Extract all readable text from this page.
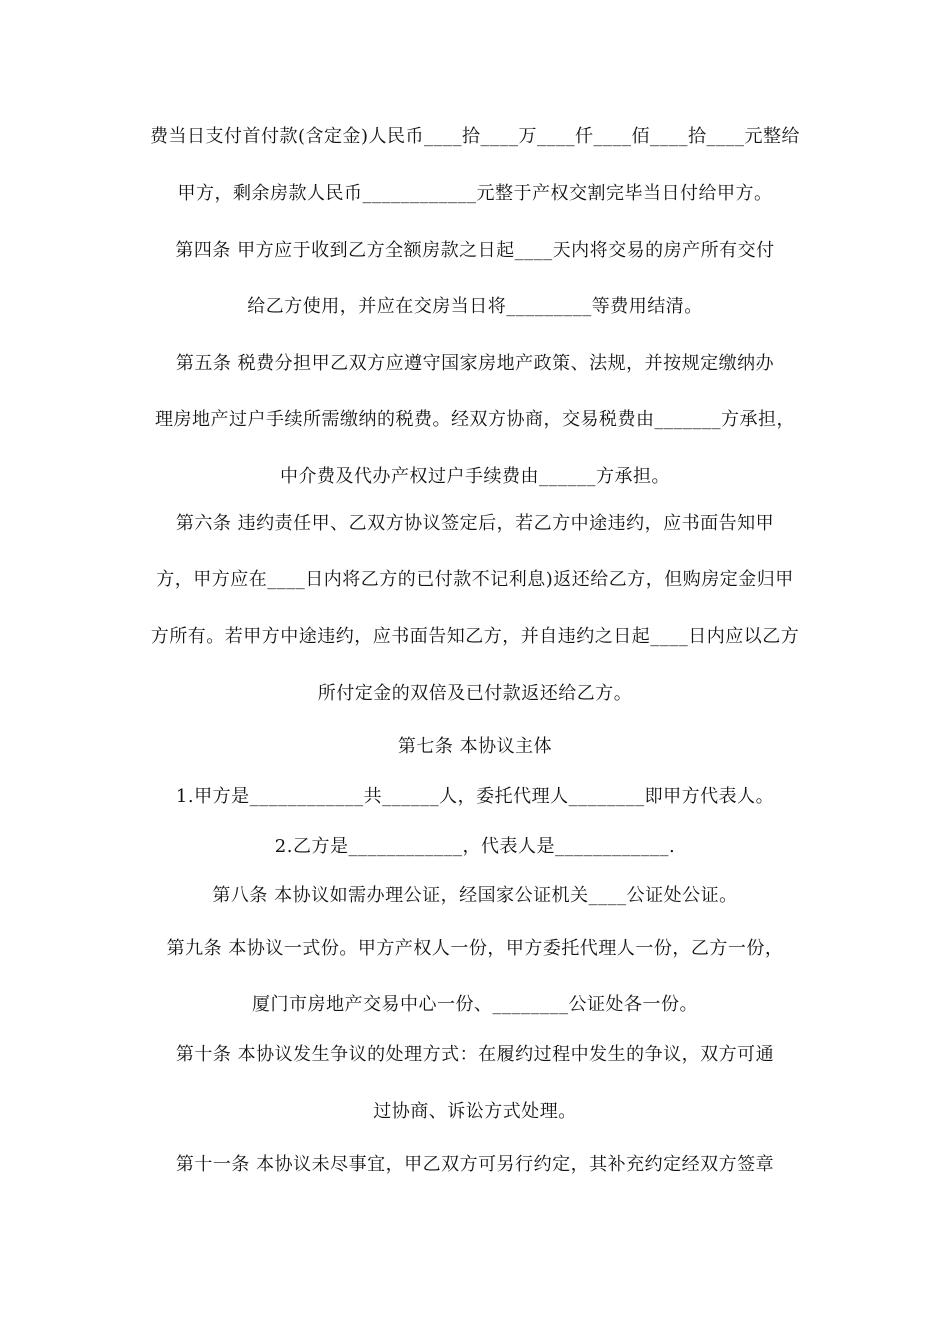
费当日支付首付款(含定金)人民币____拾____万____仟____佰____拾____元整给
甲方，剩余房款人民币____________元整于产权交割完毕当日付给甲方。
第四条 甲方应于收到乙方全额房款之日起____天内将交易的房产所有交付
给乙方使用，并应在交房当日将_________等费用结清。
第五条 税费分担甲乙双方应遵守国家房地产政策、法规，并按规定缴纳办
理房地产过户手续所需缴纳的税费。经双方协商，交易税费由_______方承担，
中介费及代办产权过户手续费由______方承担。
第六条 违约责任甲、乙双方协议签定后，若乙方中途违约，应书面告知甲
方，甲方应在____日内将乙方的已付款不记利息)返还给乙方，但购房定金归甲
方所有。若甲方中途违约，应书面告知乙方，并自违约之日起____日内应以乙方
所付定金的双倍及已付款返还给乙方。
第七条 本协议主体
1.甲方是____________共______人，委托代理人________即甲方代表人。
2.乙方是____________，代表人是____________.
第八条 本协议如需办理公证，经国家公证机关____公证处公证。
第九条 本协议一式份。甲方产权人一份，甲方委托代理人一份，乙方一份，
厦门市房地产交易中心一份、________公证处各一份。
第十条 本协议发生争议的处理方式：在履约过程中发生的争议，双方可通
过协商、诉讼方式处理。
第十一条 本协议未尽事宜，甲乙双方可另行约定，其补充约定经双方签章
